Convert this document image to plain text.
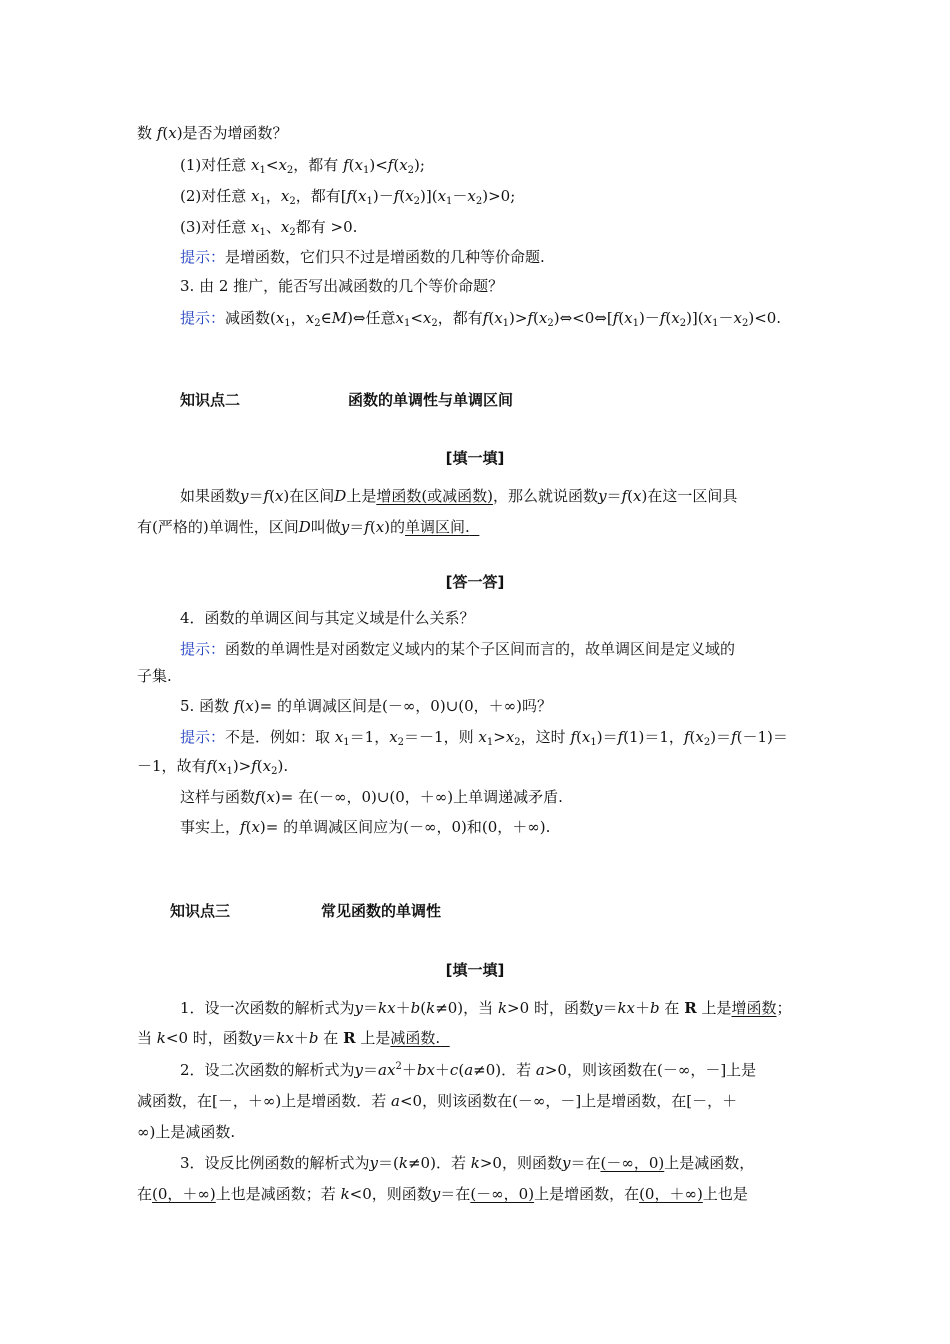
数 f(x)是否为增函数？
(1)对任意 $x_1<x_2$，都有 $f(x_1)<f(x_2)$;
(2)对任意 $x_1$，$x_2$，都有$[f(x_1)-f(x_2)](x_1-x_2)>0$;
(3)对任意 $x_1$、$x_2$都有 >0.
提示：是增函数，它们只不过是增函数的几种等价命题.
3. 由 2 推广，能否写出减函数的几个等价命题？
提示：减函数($x_1$，$x_2\in M)\Leftrightarrow$任意$x_1<x_2$，都有$f(x_1)>f(x_2)\Leftrightarrow<0\Leftrightarrow[f(x_1)-f(x_2)](x_1-x_2)<0$.
知识点二	函数的单调性与单调区间
[填一填]
如果函数y＝f(x)在区间D上是增函数(或减函数)，那么就说函数y＝f(x)在这一区间具
有(严格的)单调性，区间D叫做y＝f(x)的单调区间.
[答一答]
4．函数的单调区间与其定义域是什么关系？
提示：函数的单调性是对函数定义域内的某个子区间而言的，故单调区间是定义域的
子集.
5. 函数 f(x)= 的单调减区间是(－∞，0)∪(0，＋∞)吗？
提示：不是．例如：取 $x_1=1$，$x_2=-1$，则 $x_1>x_2$，这时 $f(x_1)=f(1)=1$，$f(x_2)=f(-1)=$
－1，故有$f(x_1)>f(x_2)$.
这样与函数f(x)= 在(－∞，0)∪(0，＋∞)上单调递减矛盾.
事实上，f(x)= 的单调减区间应为(－∞，0)和(0，＋∞).
知识点三	常见函数的单调性
[填一填]
1．设一次函数的解析式为y＝kx＋b(k≠0)，当 k>0 时，函数y＝kx＋b 在 R 上是增函数；
当 k<0 时，函数y＝kx＋b 在 R 上是减函数.
2．设二次函数的解析式为$y=ax^2+bx+c(a\ne 0)$．若 a>0，则该函数在(－∞，－]上是
减函数，在[－，＋∞)上是增函数．若 a<0，则该函数在(－∞，－]上是增函数，在[－，＋
∞)上是减函数.
3．设反比例函数的解析式为y＝(k≠0)．若 k>0，则函数y＝在(－∞，0)上是减函数，
在(0，＋∞)上也是减函数；若 k<0，则函数y＝在(－∞，0)上是增函数，在(0，＋∞)上也是
